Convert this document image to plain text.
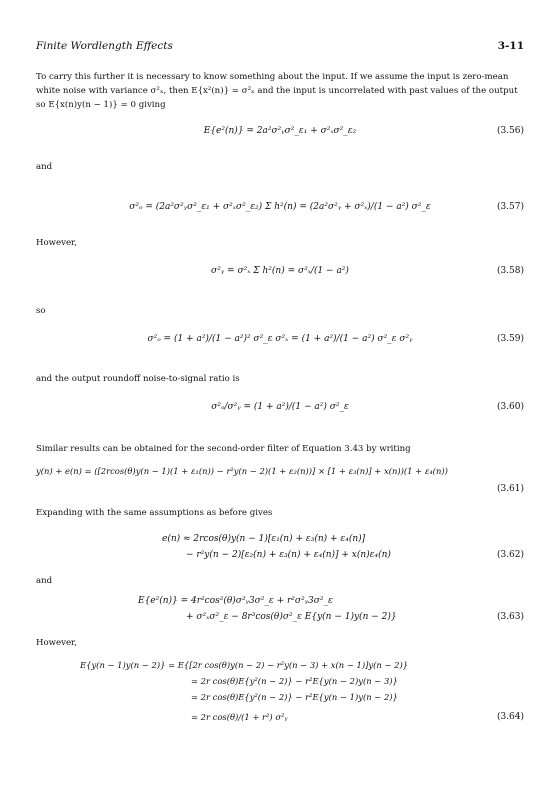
Finite Wordlength Effects	3-11
To carry this further it is necessary to know something about the input. If we assume the input is zero-mean white noise with variance σ²ₓ, then E{x²(n)} = σ²ₓ and the input is uncorrelated with past values of the output so E{x(n)y(n − 1)} = 0 giving
E{e²(n)} = 2a²σ²ᵧσ²_ε₁ + σ²ₓσ²_ε₂	(3.56)
and
σ²ₒ = (2a²σ²ᵧσ²_ε₁ + σ²ₓσ²_ε₂) Σ h²(n) = (2a²σ²ᵧ + σ²ₓ)/(1 − a²) σ²_ε	(3.57)
However,
σ²ᵧ = σ²ₓ Σ h²(n) = σ²ₓ/(1 − a²)	(3.58)
so
σ²ₒ = (1 + a²)/(1 − a²)² σ²_ε σ²ₓ = (1 + a²)/(1 − a²) σ²_ε σ²ᵧ	(3.59)
and the output roundoff noise-to-signal ratio is
σ²ₒ/σ²ᵧ = (1 + a²)/(1 − a²) σ²_ε	(3.60)
Similar results can be obtained for the second-order filter of Equation 3.43 by writing
y(n) + e(n) = ([2rcos(θ)y(n − 1)(1 + ε₁(n)) − r²y(n − 2)(1 + ε₂(n))] × [1 + ε₃(n)] + x(n))(1 + ε₄(n))
(3.61)
Expanding with the same assumptions as before gives
e(n) ≈ 2rcos(θ)y(n − 1)[ε₁(n) + ε₃(n) + ε₄(n)]
− r²y(n − 2)[ε₂(n) + ε₃(n) + ε₄(n)] + x(n)ε₄(n)	(3.62)
and
E{e²(n)} = 4r²cos²(θ)σ²ᵧ3σ²_ε + r²σ²ᵧ3σ²_ε
+ σ²ₓσ²_ε − 8r³cos(θ)σ²_ε E{y(n − 1)y(n − 2)}	(3.63)
However,
E{y(n − 1)y(n − 2)} = E{[2r cos(θ)y(n − 2) − r²y(n − 3) + x(n − 1)]y(n − 2)}
= 2r cos(θ)E{y²(n − 2)} − r²E{y(n − 2)y(n − 3)}
= 2r cos(θ)E{y²(n − 2)} − r²E{y(n − 1)y(n − 2)}
= 2r cos(θ)/(1 + r²) σ²ᵧ	(3.64)
